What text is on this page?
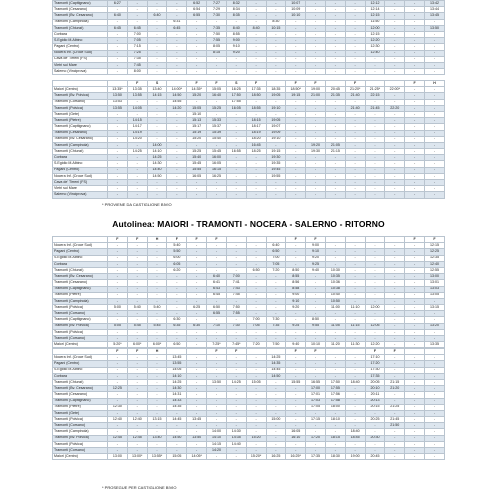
Tramonti (Capitignano)	6:27	-	-	-	6:52	7:27	8:32	-	-	10:07	-	-	-	12:12	-	-	13:42
Tramonti (Cesarano)	-	-	-	-	6:54	7:29	8:34	-	-	10:09	-	-	-	12:14	-	-	13:44
Tramonti (Bv. Cesarano)	6:40	-	6:40	-	6:55	7:30	8:35	-	-	10:10	-	-	-	12:15	-	-	13:45
Tramonti (Campinola)	-	-	-	6:31	-	-	-	-	8:30	-	-	-	-	11:50	-	-	-
Tramonti (Chiunzi)	6:45	6:45	-	6:45	-	7:35	8:40	8:40	10:15	-	-	-	-	12:00	-	-	13:50
Corbara	-	7:00	-	-	-	7:50	8:55	-	-	-	-	-	-	12:15	-	-	-
S.Egidio M.Albino	-	7:05	-	-	-	7:55	9:00	-	-	-	-	-	-	12:20	-	-	-
Pagani (Centro)	-	7:15	-	-	-	8:05	9:10	-	-	-	-	-	-	12:30	-	-	-
Nocera Inf. (Croce Sud)	-	7:25	-	-	-	8:15	9:20	-	-	-	-	-	-	12:40	-	-	-
Cava de' Tirreni (FS)	-	7:35	-	-	-	-	-	-	-	-	-	-	-	-	-	-	-
Vietri sul Mare	-	7:45	-	-	-	-	-	-	-	-	-	-	-	-	-	-	-
Salerno (Vinciprova)	-	8:00	-	-	-	-	-	-	-	-	-	-	-	-	-	-	-
		F	S		F	F	S	F		F	F		F			F	H
Maiori (Centro)	13:35*	13:35	13:40	14:00*	14:35*	15:05	16:25	17:35	18:35	18:50*	19:00	20:45	21:20*	21:25*	22:00*	-	-
Tramonti (Bv. Polvica)	13:50	13:55	14:15	14:50	15:20	16:40	17:50	18:50	19:05	19:15	21:00	21:35	21:40	22:15	-	-	-
Tramonti (Corsano)	13:53	-	-	14:55	-	-	17:55	-	-	-	-	-	-	-	-	-	-
Tramonti (Polvica)	13:55	14:05	-	14:20	15:05	15:25	16:05	18:55	19:10	-	-	-	21:40	21:45	22:20	-	-
Tramonti (Gete)	-	-	-	-	15:10	-	-	-	-	-	-	-	-	-	-	-	-
Tramonti (Pietre)	-	14:15	-	-	15:13	15:33	-	18:15	19:05	-	-	-	-	-	-	-	-
Tramonti (Capitignano)	-	14:17	-	-	15:17	15:37	-	18:17	19:07	-	-	-	-	-	-	-	-
Tramonti (Cesarano)	-	14:19	-	-	15:19	15:39	-	18:19	19:09	-	-	-	-	-	-	-	-
Tramonti (Bv. Cesarano)	-	14:20	-	-	15:20	15:40	-	18:20	19:10	-	-	-	-	-	-	-	-
Tramonti (Campinola)	-	-	14:00	-	-	-	-	16:45	-	-	19:20	21:05	-	-	-	-	-
Tramonti (Chiunzi)	-	14:25	14:10	-	15:25	15:45	16:55	18:25	19:15	-	19:30	21:15	-	-	-	-	-
Corbara	-	-	14:25	-	15:40	16:00	-	-	19:30	-	-	-	-	-	-	-	-
S.Egidio M.Albino	-	-	14:30	-	15:45	16:05	-	-	19:35	-	-	-	-	-	-	-	-
Pagani (Centro)	-	-	14:40	-	15:55	16:15	-	-	19:45	-	-	-	-	-	-	-	-
Nocera Inf. (Croce Sud)	-	-	14:50	-	16:05	16:25	-	-	19:55	-	-	-	-	-	-	-	-
Cava de' Tirreni (FS)	-	-	-	-	-	-	-	-	-	-	-	-	-	-	-	-	-
Vietri sul Mare	-	-	-	-	-	-	-	-	-	-	-	-	-	-	-	-	-
Salerno (Vinciprova)	-	-	-	-	-	-	-	-	-	-	-	-	-	-	-	-	-
* PROVIENE DA CASTIGLIONE BIVIO
Autolinea: MAIORI - TRAMONTI - NOCERA - SALERNO - RITORNO
	F	F	H	F	F	F				F	F					F	F
Nocera Inf. (Croce Sud)	-	-	-	5:40	-	-	-	-	6:40	-	9:00	-	-	-	-	-	12:15
Pagani (Centro)	-	-	-	5:50	-	-	-	-	6:50	-	9:10	-	-	-	-	-	12:25
S.Egidio M.Albino	-	-	-	6:00	-	-	-	-	7:00	-	9:20	-	-	-	-	-	12:35
Corbara	-	-	-	6:05	-	-	-	-	7:05	-	9:25	-	-	-	-	-	12:40
Tramonti (Chiunzi)	-	-	-	6:20	-	-	-	6:50	7:20	8:50	9:40	10:30	-	-	-	-	12:55
Tramonti (Bv. Cesarano)	-	-	-	-	-	6:40	7:00	-	-	8:55	-	10:35	-	-	-	-	13:00
Tramonti (Cesarano)	-	-	-	-	-	6:41	7:41	-	-	8:56	-	10:36	-	-	-	-	13:01
Tramonti (Capitignano)	-	-	-	-	-	6:43	7:43	-	-	8:58	-	10:38	-	-	-	-	13:03
Tramonti (Pietre)	-	-	-	-	-	6:45	7:45	-	-	9:00	-	10:40	-	-	-	-	13:05
Tramonti (Campinola)	-	-	-	-	-	-	-	-	-	9:10	-	10:50	-	-	-	-	-
Tramonti (Polvica)	5:00	5:40	5:40	-	6:25	6:50	7:50	-	-	9:20	-	11:00	11:10	12:00	-	-	13:15
Tramonti (Corsano)	-	-	-	-	-	6:55	7:55	-	-	-	-	-	-	-	-	-	-
Tramonti (Capitignano)	-	-	-	6:30	-	-	-	7:00	7:30	-	8:50	-	-	-	-	-	-
Tramonti (Bv. Polvica)	5:05	5:45	5:45	6:35	6:30	7:10	7:30	7:05	7:35	9:25	9:55	11:05	11:15	12:05	-	-	13:20
Tramonti (Polvica)	-	-	-	-	-	-	-	-	-	-	-	-	-	-	-	-	-
Tramonti (Corsano)	-	-	-	-	-	-	-	-	-	-	-	-	-	-	-	-	-
Maiori (Centro)	5:20*	6:00*	6:00*	6:50	-	7:25*	7:45*	7:20	7:50	9:40	10:10	11:20	11:30	12:20	-	-	13:35
	F	F	H			F	F			F	F			F	F		
Nocera Inf. (Croce Sud)	-	-	-	13:45	-	-	-	-	14:25	-	-	-	-	17:10	-	-	-
Pagani (Centro)	-	-	-	13:55	-	-	-	-	14:35	-	-	-	-	17:20	-	-	-
S.Egidio M.Albino	-	-	-	14:05	-	-	-	-	14:45	-	-	-	-	17:30	-	-	-
Corbara	-	-	-	14:10	-	-	-	-	14:50	-	-	-	-	17:35	-	-	-
Tramonti (Chiunzi)	-	-	-	14:25	-	13:50	14:25	15:05	-	15:55	16:55	17:50	18:40	20:05	21:15	-	-
Tramonti (Bv. Cesarano)	12:25	-	-	14:30	-	-	-	-	-	-	17:00	17:55	-	20:10	21:20	-	-
Tramonti (Cesarano)	-	-	-	14:31	-	-	-	-	-	-	17:01	17:56	-	20:11	-	-	-
Tramonti (Capitignano)	-	-	-	14:33	-	-	-	-	-	-	17:03	17:58	-	20:13	-	-	-
Tramonti (Pietre)	12:30	-	-	14:35	-	-	-	-	-	-	17:05	18:00	-	20:15	21:25	-	-
Tramonti (Gete)	-	-	-	-	-	-	-	-	-	-	-	-	-	-	-	-	-
Tramonti (Polvica)	12:40	12:40	13:15	14:45	13:45	-	-	-	15:00	-	17:15	18:10	-	20:25	21:45	-	-
Tramonti (Corsano)	-	-	-	-	-	-	-	-	-	-	-	-	-	-	21:50	-	-
Tramonti (Campinola)	-	-	-	-	-	14:00	14:30	-	-	16:05	-	-	18:40	-	-	-	-
Tramonti (Bv. Polvica)	12:45	12:45	13:40	14:50	13:50	14:10	14:35	15:20	-	16:10	17:20	18:15	18:45	20:30	-	-	-
Tramonti (Polvica)	-	-	-	-	-	14:15	14:40	-	-	-	-	-	-	-	-	-	-
Tramonti (Corsano)	-	-	-	-	-	14:20	-	-	-	-	-	-	-	-	-	-	-
Maiori (Centro)	13:00	13:00*	13:55*	15:05	14:05*	-	-	15:20*	16:25	16:25*	17:35	18:30	19:00	20:45	-	-	-
* PROSEGUE PER CASTIGLIONE BIVIO
